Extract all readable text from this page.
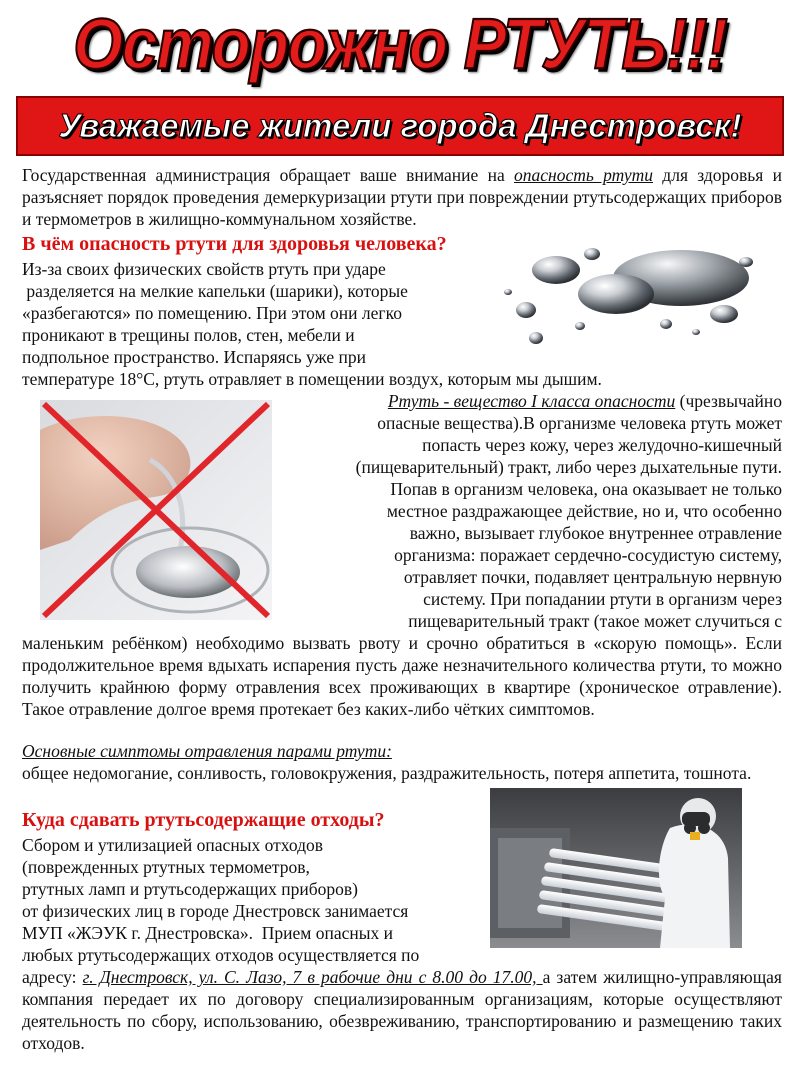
Осторожно РТУТЬ!!!
Уважаемые жители города Днестровск!
Государственная администрация обращает ваше внимание на опасность ртути для здоровья и разъясняет порядок проведения демеркуризации ртути при повреждении ртутьсодержащих приборов и термометров в жилищно-коммунальном хозяйстве.
В чём опасность ртути для здоровья человека?
Из-за своих физических свойств ртуть при ударе
разделяется на мелкие капельки (шарики), которые
«разбегаются» по помещению. При этом они легко
проникают в трещины полов, стен, мебели и
подпольное пространство. Испаряясь уже при
температуре 18°С, ртуть отравляет в помещении воздух, которым мы дышим.
Ртуть - вещество I класса опасности (чрезвычайно
опасные вещества).В организме человека ртуть может
попасть через кожу, через желудочно-кишечный
(пищеварительный) тракт, либо через дыхательные пути.
Попав в организм человека, она оказывает не только
местное раздражающее действие, но и, что особенно
важно, вызывает глубокое внутреннее отравление
организма: поражает сердечно-сосудистую систему,
отравляет почки, подавляет центральную нервную
систему. При попадании ртути в организм через
пищеварительный тракт (такое может случиться с
маленьким ребёнком) необходимо вызвать рвоту и срочно обратиться в «скорую помощь». Если продолжительное время вдыхать испарения пусть даже незначительного количества ртути, то можно получить крайнюю форму отравления всех проживающих в квартире (хроническое отравление). Такое отравление долгое время протекает без каких-либо чётких симптомов.
Основные симптомы отравления парами ртути:
общее недомогание, сонливость, головокружения, раздражительность, потеря аппетита, тошнота.
Куда сдавать ртутьсодержащие отходы?
Сбором и утилизацией опасных отходов
(поврежденных ртутных термометров,
ртутных ламп и ртутьсодержащих приборов)
от физических лиц в городе Днестровск занимается
МУП «ЖЭУК г. Днестровска».  Прием опасных и
любых ртутьсодержащих отходов осуществляется по
адресу: г. Днестровск, ул. С. Лазо, 7 в рабочие дни с 8.00 до 17.00, а затем жилищно-управляющая компания передает их по договору специализированным организациям, которые осуществляют деятельность по сбору, использованию, обезвреживанию, транспортированию и размещению таких отходов.
